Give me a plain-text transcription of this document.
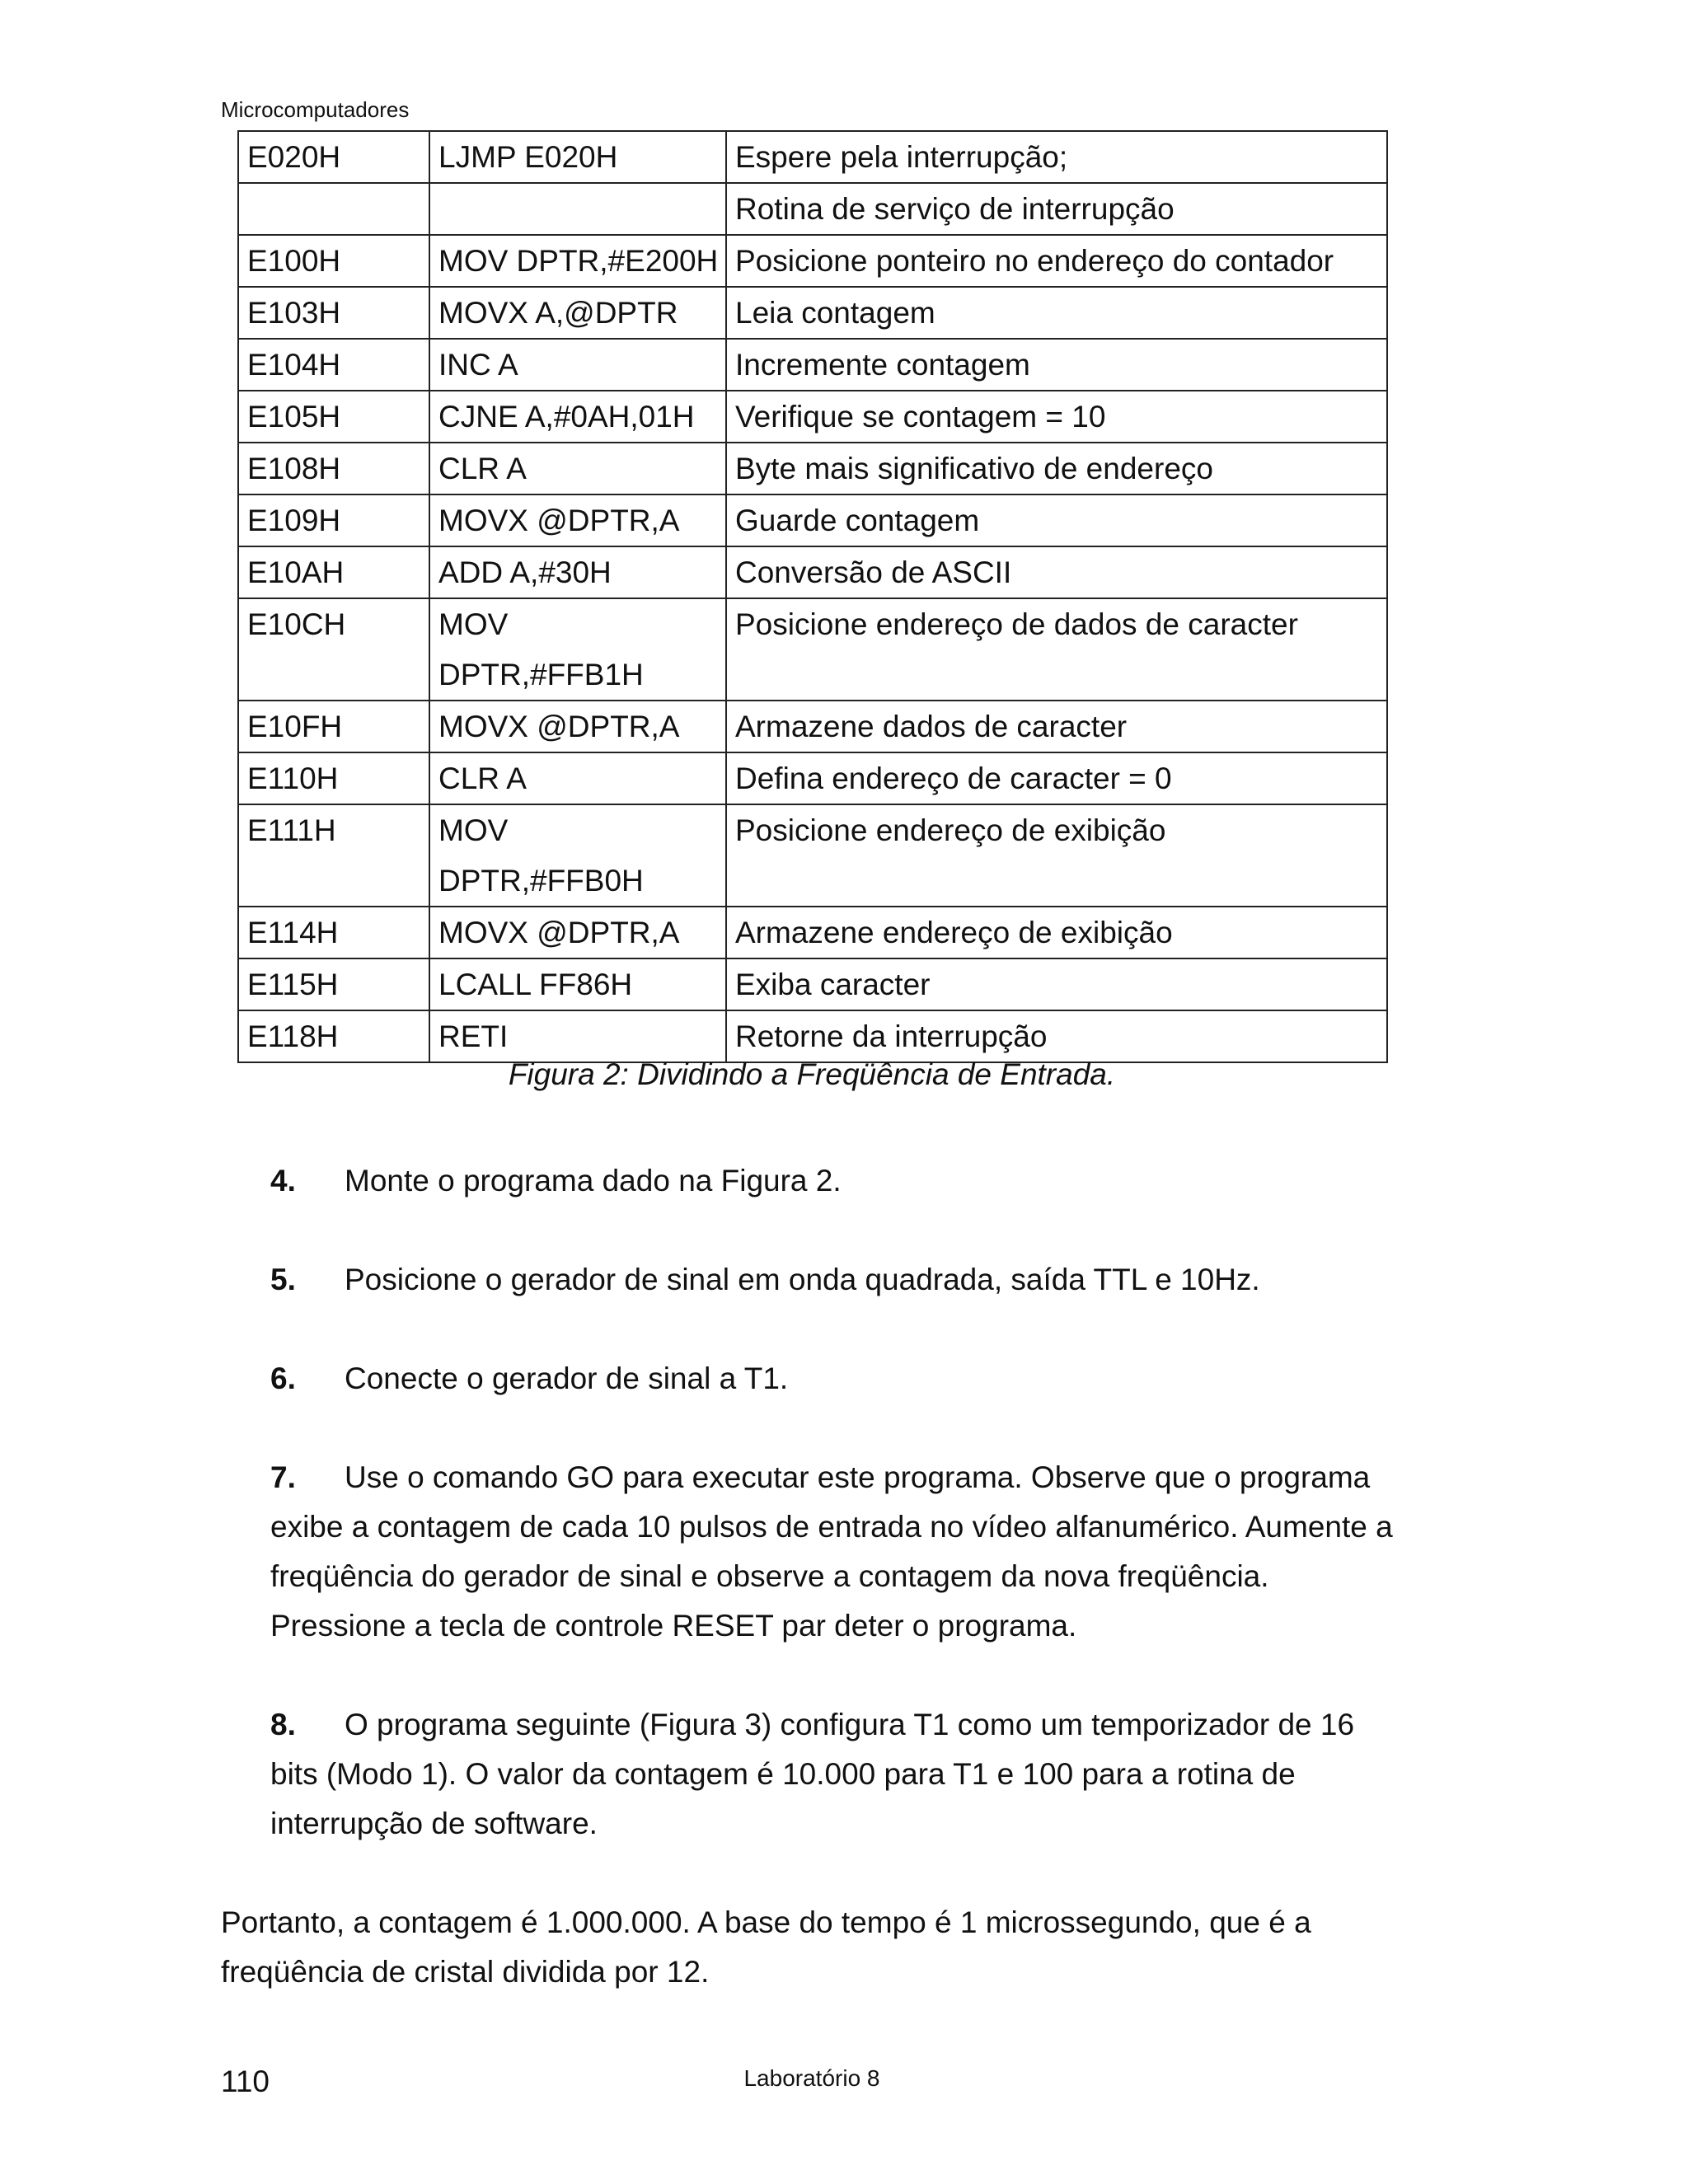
Microcomputadores
E020H	LJMP E020H	Espere pela interrupção;
		Rotina de serviço de interrupção
E100H	MOV DPTR,#E200H	Posicione ponteiro no endereço do contador
E103H	MOVX A,@DPTR	Leia contagem
E104H	INC A	Incremente contagem
E105H	CJNE A,#0AH,01H	Verifique se contagem = 10
E108H	CLR A	Byte mais significativo de endereço
E109H	MOVX @DPTR,A	Guarde contagem
E10AH	ADD A,#30H	Conversão de ASCII
E10CH	MOV DPTR,#FFB1H	Posicione endereço de dados de caracter
E10FH	MOVX @DPTR,A	Armazene dados de caracter
E110H	CLR A	Defina endereço de caracter = 0
E111H	MOV DPTR,#FFB0H	Posicione endereço de exibição
E114H	MOVX @DPTR,A	Armazene endereço de exibição
E115H	LCALL FF86H	Exiba caracter
E118H	RETI	Retorne da interrupção
Figura 2: Dividindo a Freqüência de Entrada.
4. Monte o programa dado na Figura 2.
5. Posicione o gerador de sinal em onda quadrada, saída TTL e 10Hz.
6. Conecte o gerador de sinal a T1.
7. Use o comando GO para executar este programa. Observe que o programa exibe a contagem de cada 10 pulsos de entrada no vídeo alfanumérico. Aumente a freqüência do gerador de sinal e observe a contagem da nova freqüência. Pressione a tecla de controle RESET par deter o programa.
8. O programa seguinte (Figura 3) configura T1 como um temporizador de 16 bits (Modo 1). O valor da contagem é 10.000 para T1 e 100 para a rotina de interrupção de software.
Portanto, a contagem é 1.000.000. A base do tempo é 1 microssegundo, que é a freqüência de cristal dividida por 12.
110	Laboratório 8
